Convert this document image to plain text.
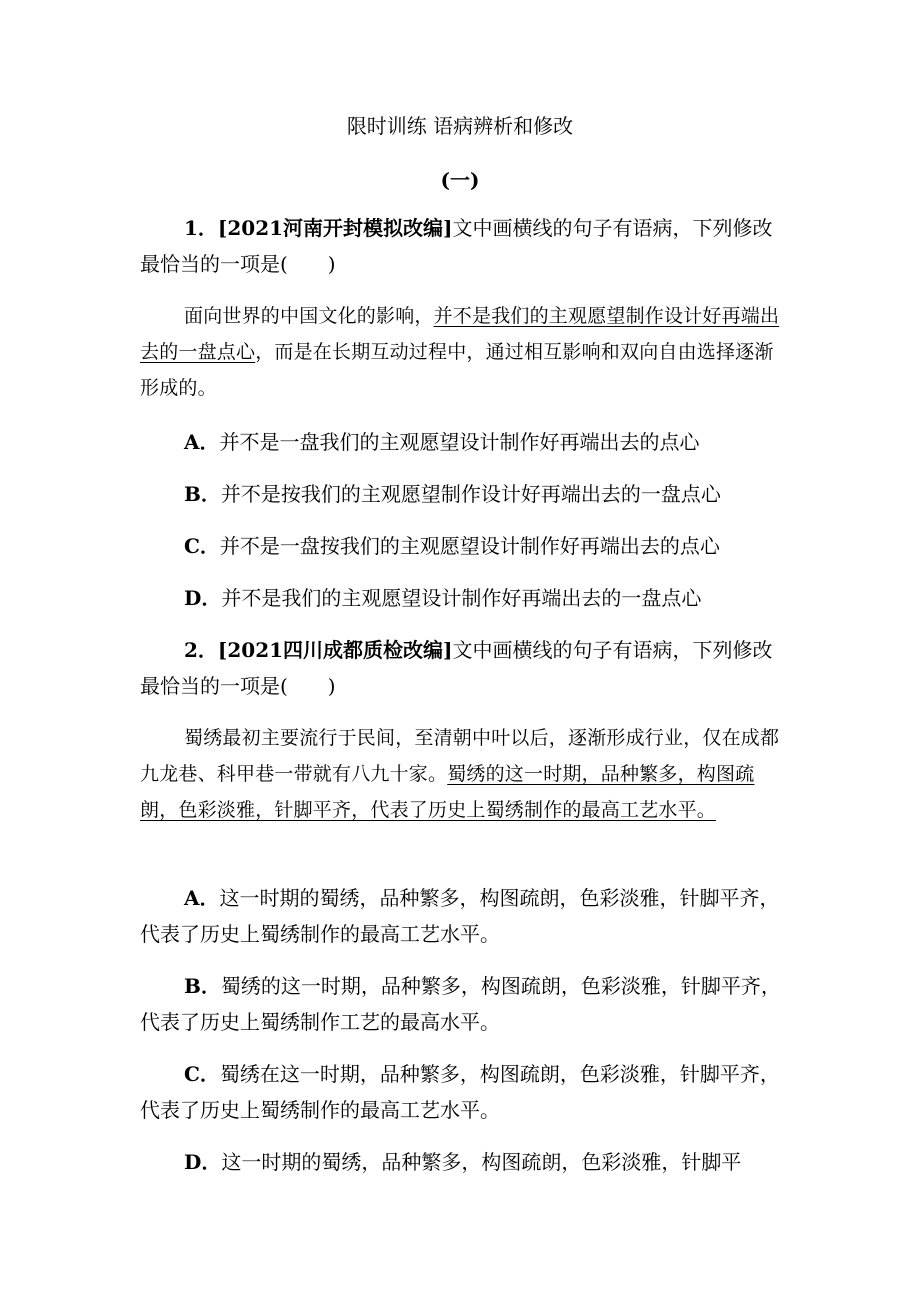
限时训练 语病辨析和修改
(一)

1．[2021河南开封模拟改编]文中画横线的句子有语病，下列修改最恰当的一项是(　　)

面向世界的中国文化的影响，并不是我们的主观愿望制作设计好再端出去的一盘点心，而是在长期互动过程中，通过相互影响和双向自由选择逐渐形成的。

A．并不是一盘我们的主观愿望设计制作好再端出去的点心

B．并不是按我们的主观愿望制作设计好再端出去的一盘点心

C．并不是一盘按我们的主观愿望设计制作好再端出去的点心

D．并不是我们的主观愿望设计制作好再端出去的一盘点心

2．[2021四川成都质检改编]文中画横线的句子有语病，下列修改最恰当的一项是(　　)

蜀绣最初主要流行于民间，至清朝中叶以后，逐渐形成行业，仅在成都九龙巷、科甲巷一带就有八九十家。蜀绣的这一时期，品种繁多，构图疏朗，色彩淡雅，针脚平齐，代表了历史上蜀绣制作的最高工艺水平。

A．这一时期的蜀绣，品种繁多，构图疏朗，色彩淡雅，针脚平齐，代表了历史上蜀绣制作的最高工艺水平。

B．蜀绣的这一时期，品种繁多，构图疏朗，色彩淡雅，针脚平齐，代表了历史上蜀绣制作工艺的最高水平。

C．蜀绣在这一时期，品种繁多，构图疏朗，色彩淡雅，针脚平齐，代表了历史上蜀绣制作的最高工艺水平。

D．这一时期的蜀绣，品种繁多，构图疏朗，色彩淡雅，针脚平
